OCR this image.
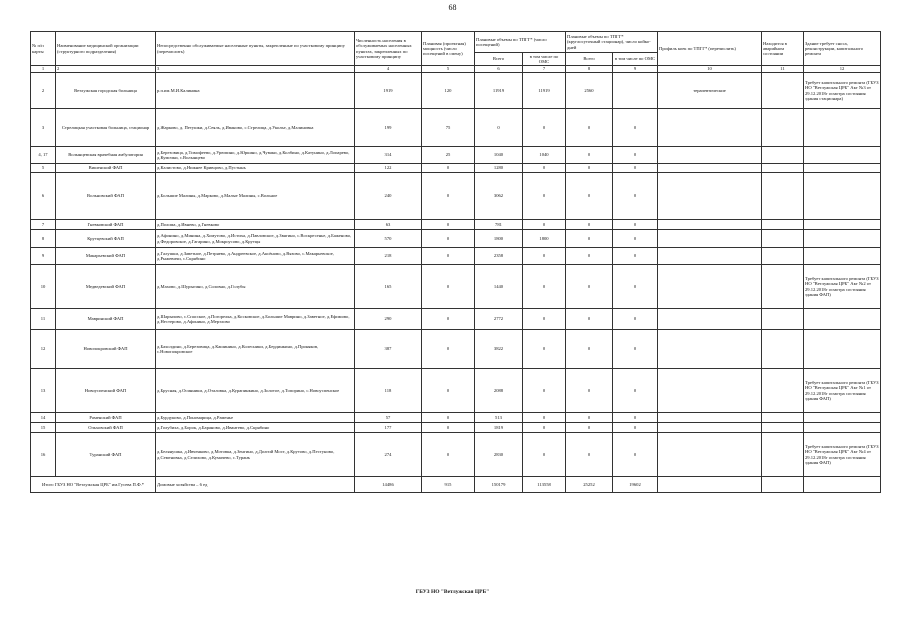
68
№ п/п карты	Наименование медицинской организации (структурного подразделения)	Непосредственно обслуживаемые населенные пункты, закрепленные по участковому принципу (перечислить)	Численность населения в обслуживаемых населенных пунктах, закрепленных по участковому принципу	Плановая (проектная) мощность (число посещений в смену)	Плановые объемы по ТПГГ* (число посещений)		Плановые объемы по ТПГГ* (круглосуточный стационар), число койко-дней		Профиль коек по ТПГГ* (перечислить)	Находится в аварийном состоянии	Здание требует сноса, реконструкции, капитального ремонта
					Всего	в том числе по ОМС	Всего	в том числе по ОМС			
1	2	3	4	5	6	7	8	9	10	11	12
2	Ветлужская городская больница	р.п.им.М.И.Калинина	1919	120	11919	11919	2560		терапевтические		Требует капитального ремонта (ГБУЗ НО "Ветлужская ЦРБ" Акт №3 от 29.12.2018г осмотра состояния здания стационара)
3	Стрелицкая участковая больница, стационар	д.Жарково, д. Петушки, д.Сеяль, д.Иваново, с.Стрелица, д.Уколье, д.Малиновка	199	75	0	0	0	0			
4, 17	Волынцевская врачебная амбулатория	д.Березовица, д.Тимофеево, д.Урюпино, д.Юркино, д.Чуваки, д.Колбино, д.Катунино, д.Лопарево, д.Кумочки, с.Волынцево	314	25	1040	1040	0	0			
5	Вишенский ФАП	д.Калистово, д.Нижнее Кривцово, д.Пустынь	122	0	1280	0	0	0			
6	Вольновский ФАП	д.Большие Малины, д.Марково, д.Малые Малины, с.Вольное	240	0	3062	0	0	0			
7	Гневковский ФАП	д.Полома, д.Ивнево, д.Гневково	63	0	781	0	0	0			
8	Крутцевский ФАП	д.Афонино, д.Минина, д.Хомутово, д.Истиха, д.Павловское, д.Звягино, с.Воскресенье, д.Баженово, д.Федоровское, д.Гагарино, д.Мокроусово, д.Крутцы	570	0	1800	1800	0	0			
9	Макарьевский ФАП	д.Галушки, д.Заветное, д.Петряево, д.Андреевское, д.Аксёново, д.Вязово, с.Макарьевское, д.Рыжевичи, с.Скрябино	218	0	2358	0	0	0			
10	Медведевский ФАП	д.Махово, д.Шурыгино, д.Соловно, д.Голубы	165	0	1440	0	0	0			Требует капитального ремонта (ГБУЗ НО "Ветлужская ЦРБ" Акт №2 от 29.12.2018г осмотра состояния здания ФАП)
11	Мавринский ФАП	д.Шарыпово, с.Спасское, д.Погорелка, д.Косковское, д.Большие Маврино, д.Заветное, д.Ефимово, д.Нестерово, д.Афонино, д.Мерзлово	290	0	2772	0	0	0			
12	Новопокровский ФАП	д.Бахолдино, д.Березовица, д.Кашинино, д.Колесники, д.Бердинкино, д.Проняков, с.Новопокровское	387	0	3822	0	0	0			
13	Новоуспенский ФАП	д.Брусная, д.Осинники, д.Оталовка, д.Курапинкино, д.Золотое, д.Топорино, с.Новоуспенское	118	0	2088	0	0	0			Требует капитального ремонта (ГБУЗ НО "Ветлужская ЦРБ" Акт №1 от 29.12.2018г осмотра состояния здания ФАП)
14	Раменский ФАП	д.Бурдуково, д.Пономарица, д.Раменье	57	0	513	0	0	0			
15	Ольховский ФАП	д.Голубиха, д.Борок, д.Бараново, д.Ивантево, д.Скрябино	177	0	1819	0	0	0			
16	Туранский ФАП	д.Белянушка, д.Ивченково, д.Мотовка, д.Зенгино, д.Долгий Мост, д.Крутово, д.Пестуново, д.Семеновка, д.Селихово, д.Кумачево, с.Туранъ	274	0	2830	0	0	0			Требует капитального ремонта (ГБУЗ НО "Ветлужская ЦРБ" Акт №4 от 29.12.2018г осмотра состояния здания ФАП)
Итого ГБУЗ НО "Ветлужская ЦРБ" им.Гусева П.Ф.*		Домовые хозяйства – 6 ед	14486	915	150179	113558	25252	19602			
ГБУЗ НО "Ветлужская ЦРБ"
